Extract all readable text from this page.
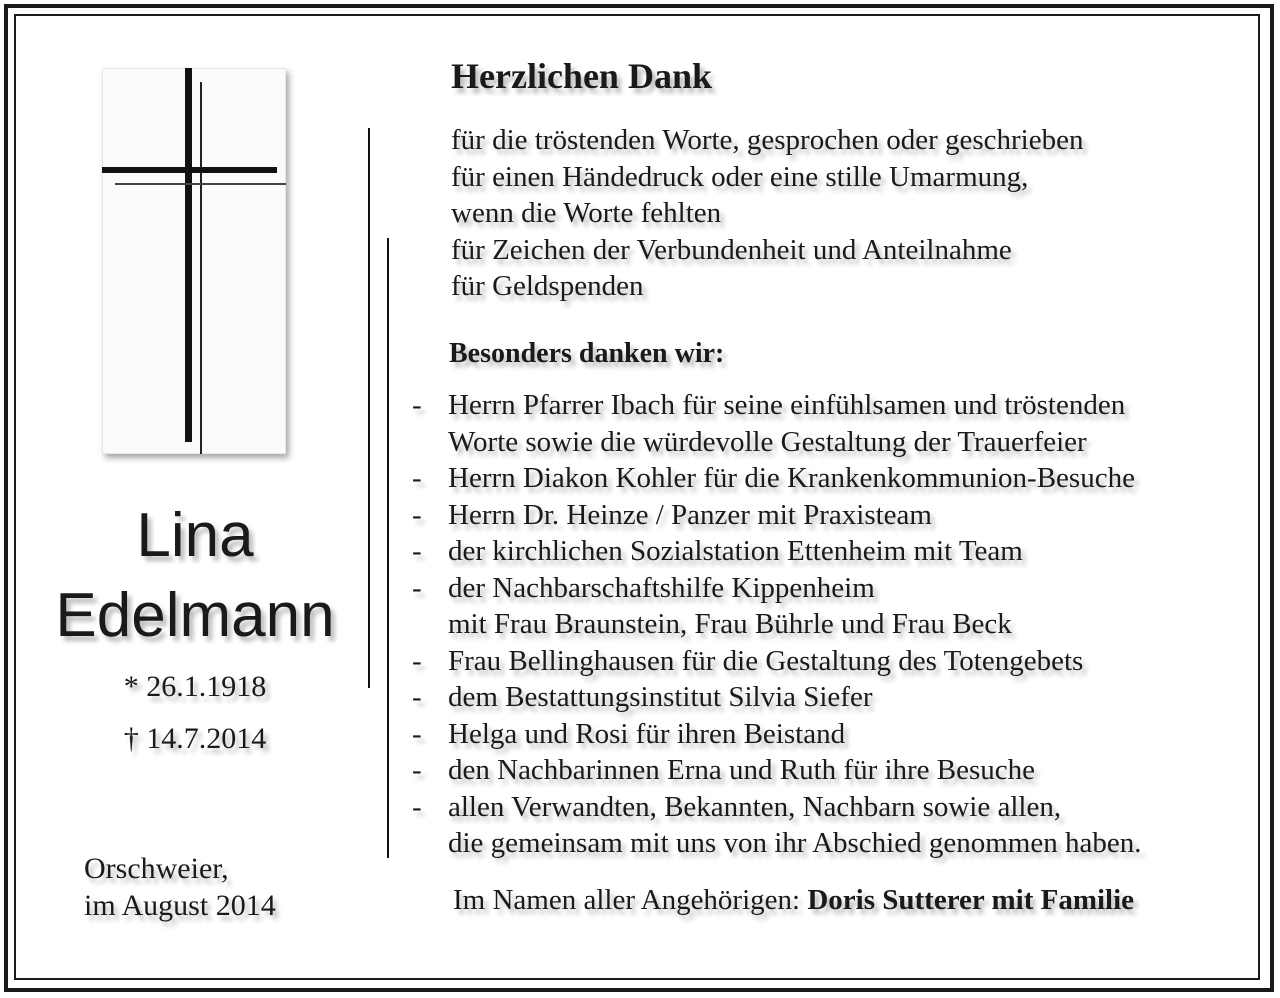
Lina
Edelmann
* 26.1.1918
† 14.7.2014
Orschweier,
im August 2014
Herzlichen Dank
für die tröstenden Worte, gesprochen oder geschrieben
für einen Händedruck oder eine stille Umarmung,
wenn die Worte fehlten
für Zeichen der Verbundenheit und Anteilnahme
für Geldspenden
Besonders danken wir:
- Herrn Pfarrer Ibach für seine einfühlsamen und tröstenden
Worte sowie die würdevolle Gestaltung der Trauerfeier
- Herrn Diakon Kohler für die Krankenkommunion-Besuche
- Herrn Dr. Heinze / Panzer mit Praxisteam
- der kirchlichen Sozialstation Ettenheim mit Team
- der Nachbarschaftshilfe Kippenheim
mit Frau Braunstein, Frau Bührle und Frau Beck
- Frau Bellinghausen für die Gestaltung des Totengebets
- dem Bestattungsinstitut Silvia Siefer
- Helga und Rosi für ihren Beistand
- den Nachbarinnen Erna und Ruth für ihre Besuche
- allen Verwandten, Bekannten, Nachbarn sowie allen,
die gemeinsam mit uns von ihr Abschied genommen haben.
Im Namen aller Angehörigen: Doris Sutterer mit Familie
